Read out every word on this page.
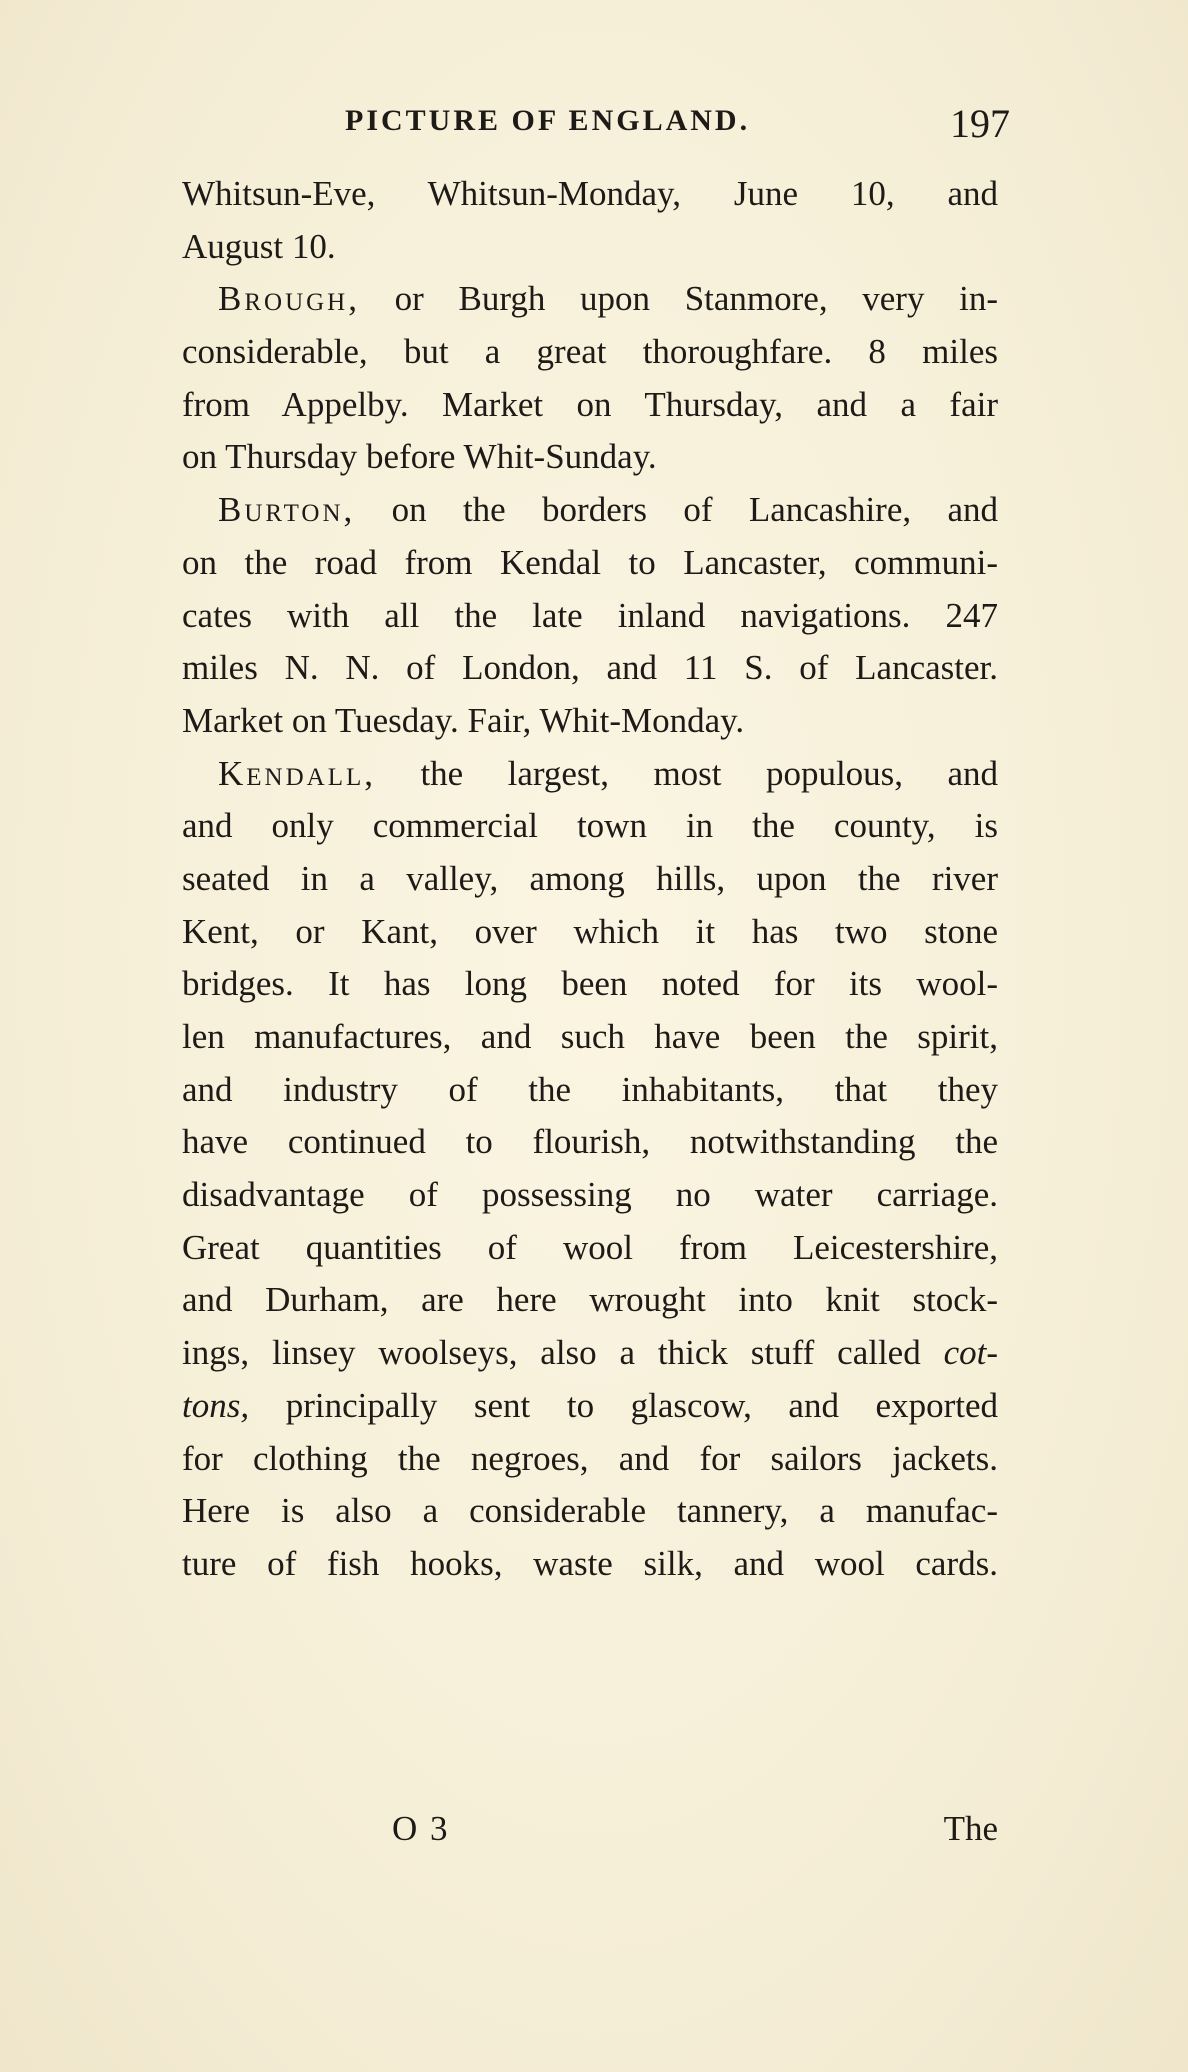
PICTURE OF ENGLAND.	197
Whitsun-Eve, Whitsun-Monday, June 10, and
August 10.
Brough, or Burgh upon Stanmore, very in-
considerable, but a great thoroughfare. 8 miles
from Appelby. Market on Thursday, and a fair
on Thursday before Whit-Sunday.
Burton, on the borders of Lancashire, and
on the road from Kendal to Lancaster, communi-
cates with all the late inland navigations. 247
miles N. N. of London, and 11 S. of Lancaster.
Market on Tuesday. Fair, Whit-Monday.
Kendall, the largest, most populous, and
and only commercial town in the county, is
seated in a valley, among hills, upon the river
Kent, or Kant, over which it has two stone
bridges. It has long been noted for its wool-
len manufactures, and such have been the spirit,
and industry of the inhabitants, that they
have continued to flourish, notwithstanding the
disadvantage of possessing no water carriage.
Great quantities of wool from Leicestershire,
and Durham, are here wrought into knit stock-
ings, linsey woolseys, also a thick stuff called cot-
tons, principally sent to glascow, and exported
for clothing the negroes, and for sailors jackets.
Here is also a considerable tannery, a manufac-
ture of fish hooks, waste silk, and wool cards.
O 3	The
